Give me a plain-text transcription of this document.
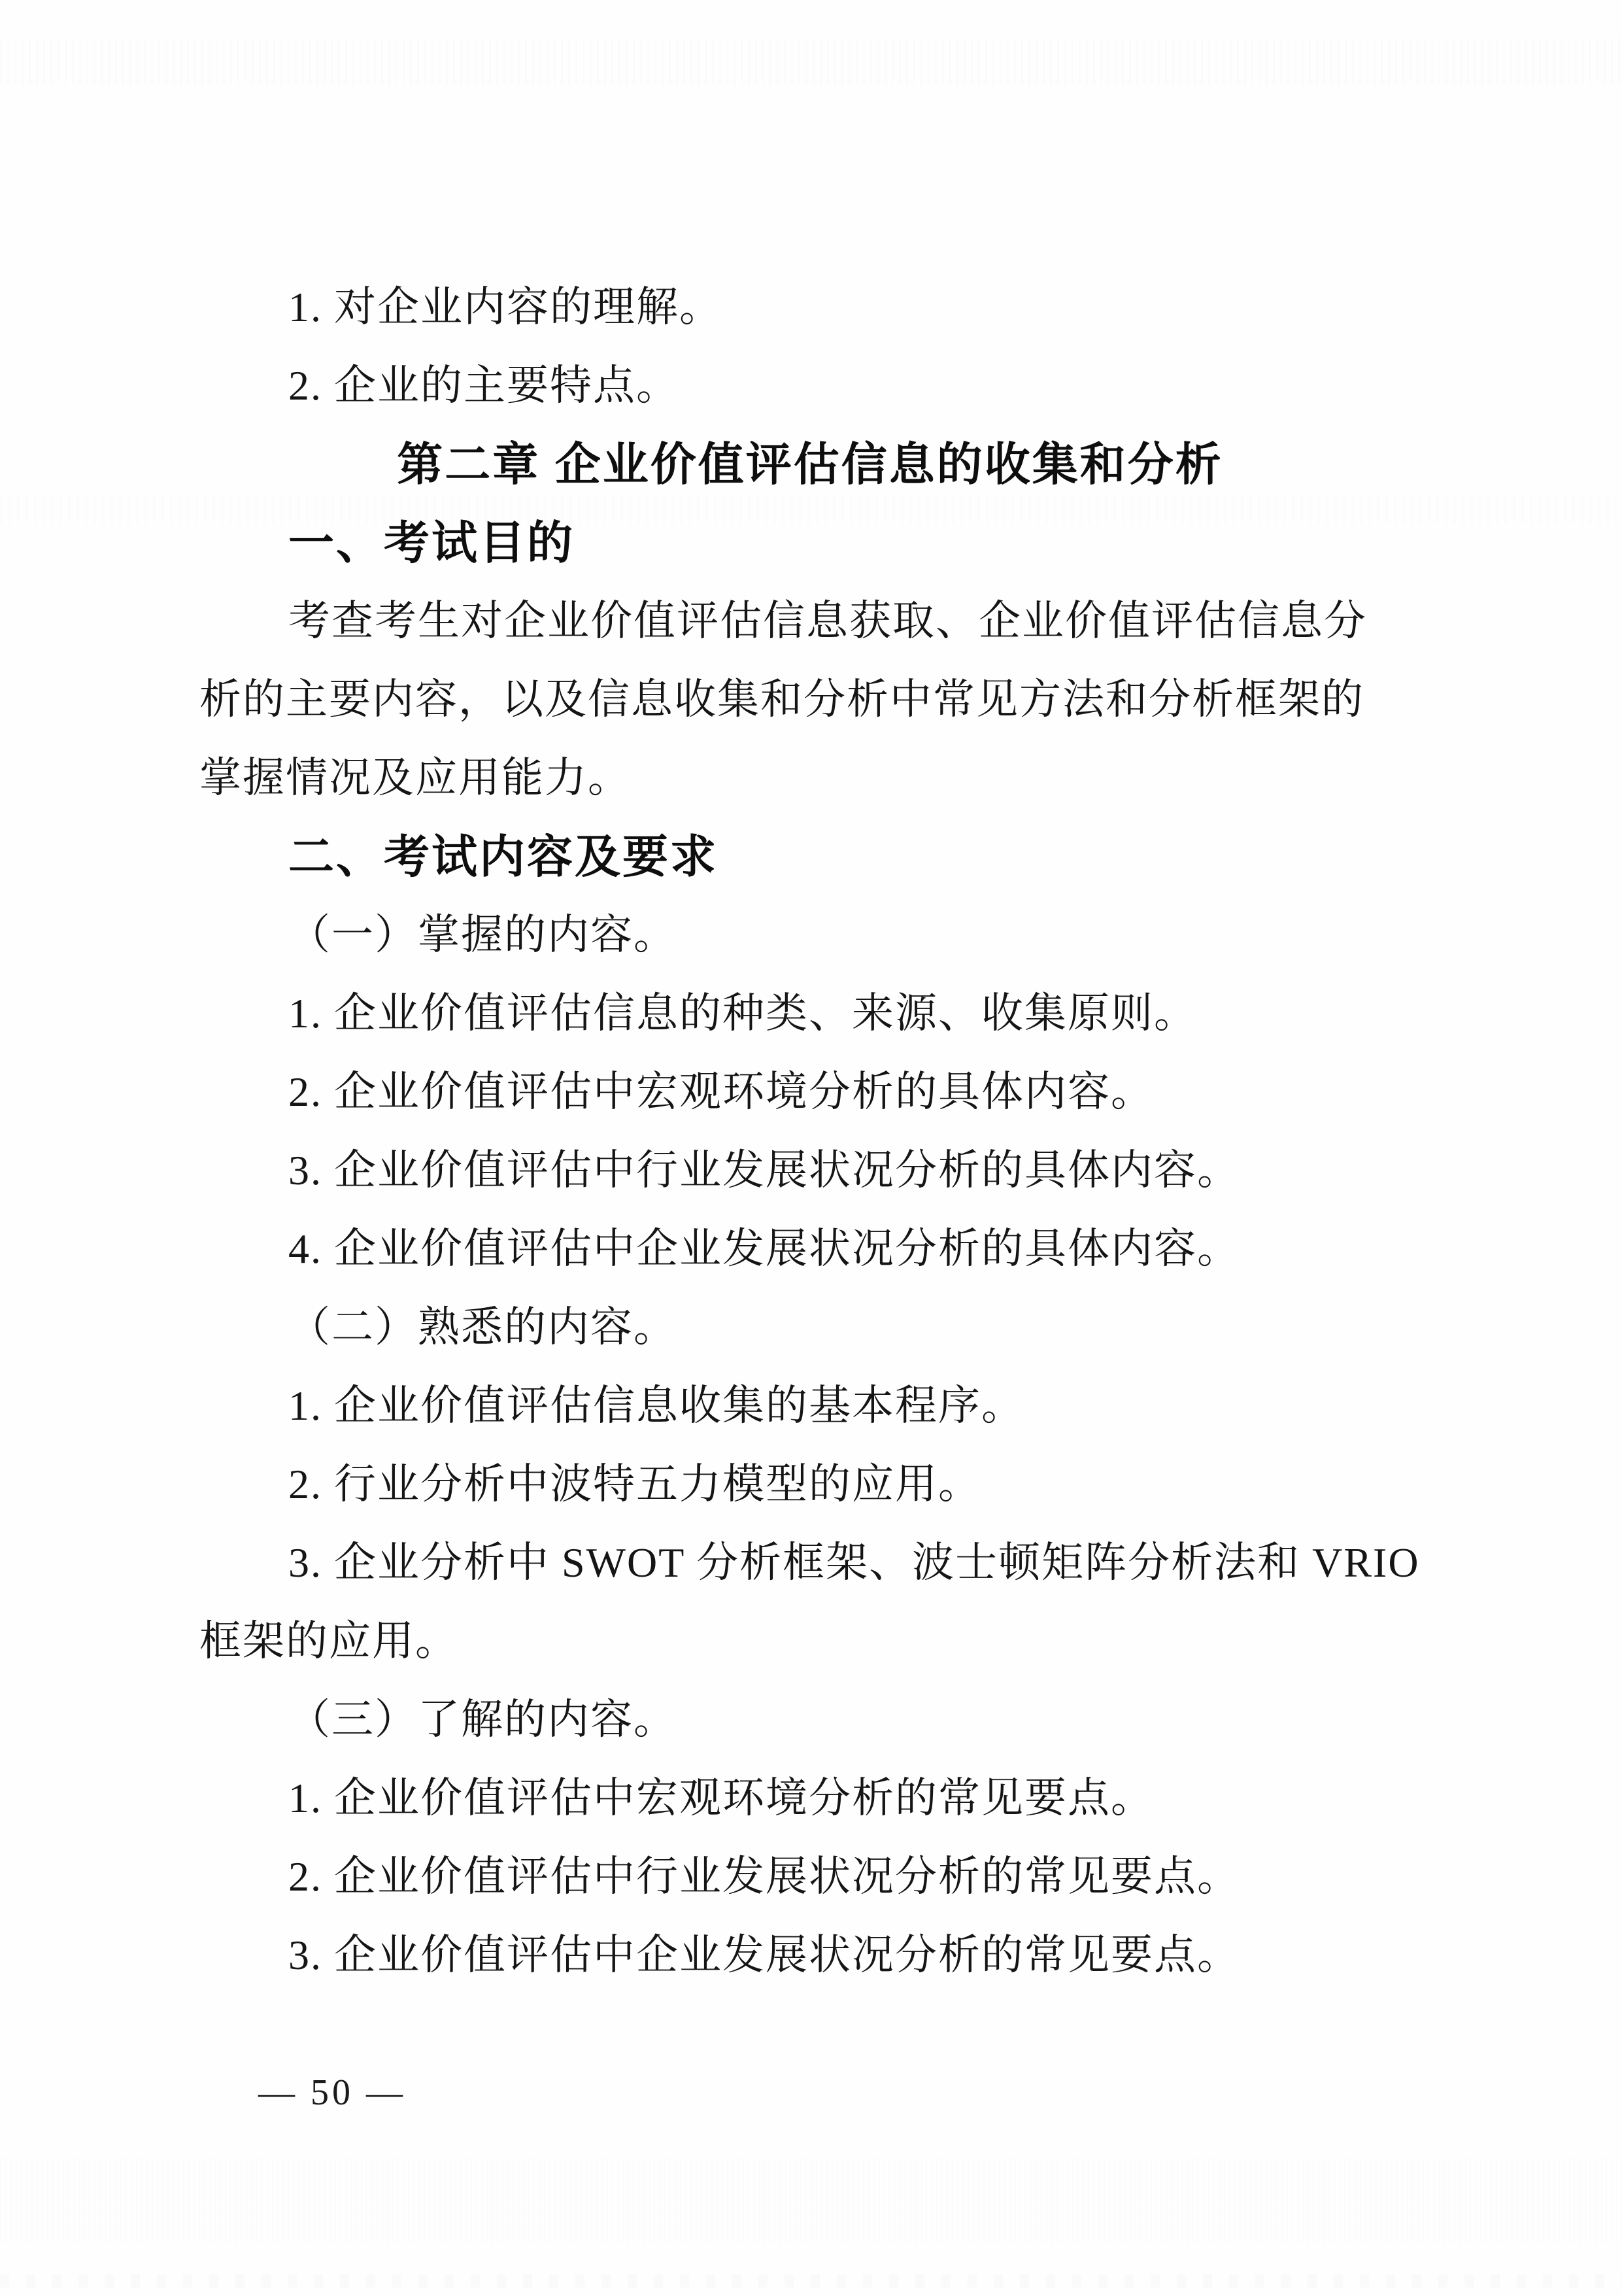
1. 对企业内容的理解。
2. 企业的主要特点。
第二章 企业价值评估信息的收集和分析
一、考试目的
考查考生对企业价值评估信息获取、企业价值评估信息分
析的主要内容，以及信息收集和分析中常见方法和分析框架的
掌握情况及应用能力。
二、考试内容及要求
（一）掌握的内容。
1. 企业价值评估信息的种类、来源、收集原则。
2. 企业价值评估中宏观环境分析的具体内容。
3. 企业价值评估中行业发展状况分析的具体内容。
4. 企业价值评估中企业发展状况分析的具体内容。
（二）熟悉的内容。
1. 企业价值评估信息收集的基本程序。
2. 行业分析中波特五力模型的应用。
3. 企业分析中 SWOT 分析框架、波士顿矩阵分析法和 VRIO
框架的应用。
（三）了解的内容。
1. 企业价值评估中宏观环境分析的常见要点。
2. 企业价值评估中行业发展状况分析的常见要点。
3. 企业价值评估中企业发展状况分析的常见要点。
— 50 —
